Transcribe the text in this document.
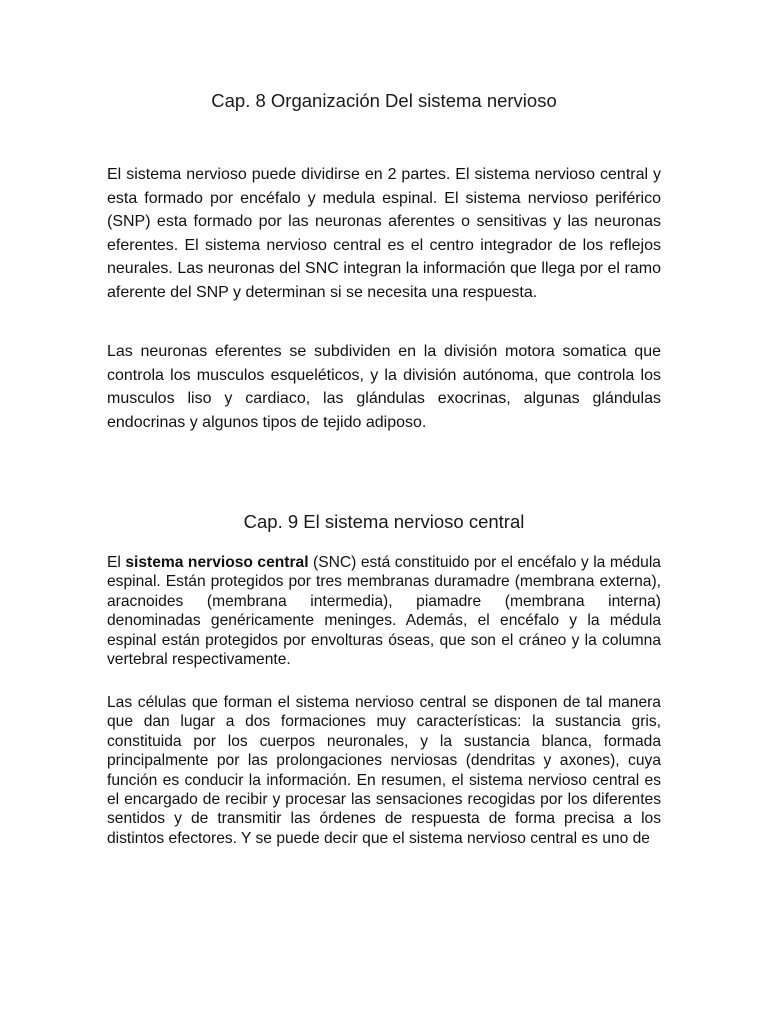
Cap. 8 Organización Del sistema nervioso

El sistema nervioso puede dividirse en 2 partes. El sistema nervioso central y esta formado por encéfalo y medula espinal. El sistema nervioso periférico (SNP) esta formado por las neuronas aferentes o sensitivas y las neuronas eferentes. El sistema nervioso central es el centro integrador de los reflejos neurales. Las neuronas del SNC integran la información que llega por el ramo aferente del SNP y determinan si se necesita una respuesta.

Las neuronas eferentes se subdividen en la división motora somatica que controla los musculos esqueléticos, y la división autónoma, que controla los musculos liso y cardiaco, las glándulas exocrinas, algunas glándulas endocrinas y algunos tipos de tejido adiposo.

Cap. 9 El sistema nervioso central

El sistema nervioso central (SNC) está constituido por el encéfalo y la médula espinal. Están protegidos por tres membranas duramadre (membrana externa), aracnoides (membrana intermedia), piamadre (membrana interna) denominadas genéricamente meninges. Además, el encéfalo y la médula espinal están protegidos por envolturas óseas, que son el cráneo y la columna vertebral respectivamente.

Las células que forman el sistema nervioso central se disponen de tal manera que dan lugar a dos formaciones muy características: la sustancia gris, constituida por los cuerpos neuronales, y la sustancia blanca, formada principalmente por las prolongaciones nerviosas (dendritas y axones), cuya función es conducir la información. En resumen, el sistema nervioso central es el encargado de recibir y procesar las sensaciones recogidas por los diferentes sentidos y de transmitir las órdenes de respuesta de forma precisa a los distintos efectores. Y se puede decir que el sistema nervioso central es uno de
